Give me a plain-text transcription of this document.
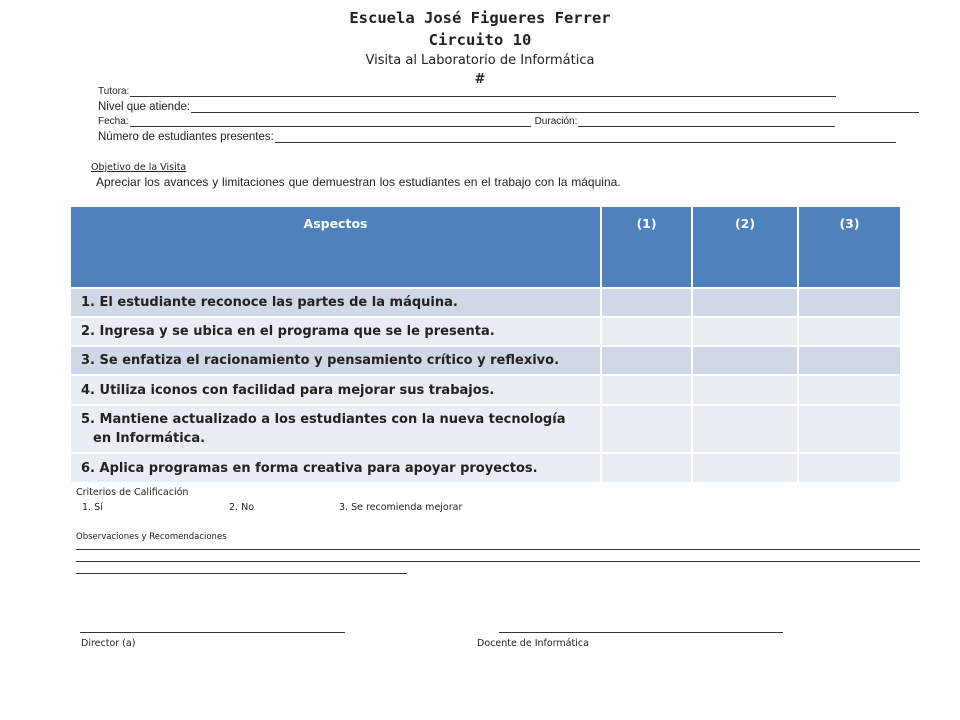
Escuela José Figueres Ferrer
Circuito 10
Visita al Laboratorio de Informática
#
Tutora:
Nivel que atiende:
Fecha:	Duración:
Número de estudiantes presentes:
Objetivo de la Visita
Apreciar los avances y limitaciones que demuestran los estudiantes en el trabajo con la máquina.
Aspectos	(1)	(2)	(3)
1. El estudiante reconoce las partes de la máquina.			
2. Ingresa y se ubica en el programa que se le presenta.			
3. Se enfatiza el racionamiento y pensamiento crítico y reflexivo.			
4. Utiliza iconos con facilidad para mejorar sus trabajos.			

5. Mantiene actualizado a los estudiantes con la nueva tecnología
en Informática.			

6. Aplica programas en forma creativa para apoyar proyectos.			
Criterios de Calificación
1. Sí	2. No	3. Se recomienda mejorar
Observaciones y Recomendaciones
Director (a)	Docente de Informática
